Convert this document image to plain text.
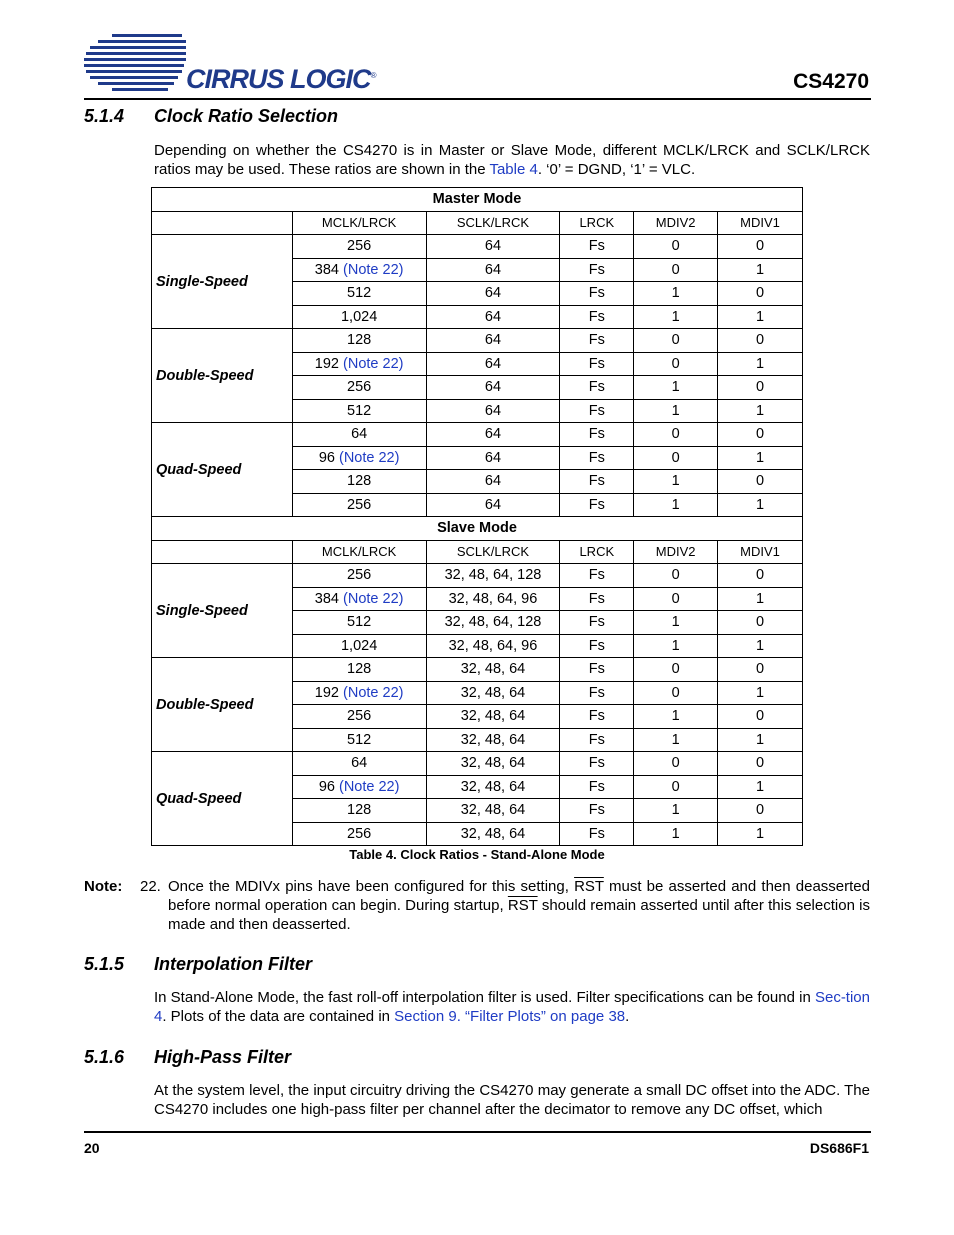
CIRRUS LOGIC®	CS4270
5.1.4 Clock Ratio Selection

Depending on whether the CS4270 is in Master or Slave Mode, different MCLK/LRCK and SCLK/LRCK ratios may be used. These ratios are shown in the Table 4. ‘0’ = DGND, ‘1’ = VLC.

Master Mode					
	MCLK/LRCK	SCLK/LRCK	LRCK	MDIV2	MDIV1
Single-Speed	256	64	Fs	0	0
	384 (Note 22)	64	Fs	0	1
	512	64	Fs	1	0
	1,024	64	Fs	1	1
Double-Speed	128	64	Fs	0	0
	192 (Note 22)	64	Fs	0	1
	256	64	Fs	1	0
	512	64	Fs	1	1
Quad-Speed	64	64	Fs	0	0
	96 (Note 22)	64	Fs	0	1
	128	64	Fs	1	0
	256	64	Fs	1	1
Slave Mode					
	MCLK/LRCK	SCLK/LRCK	LRCK	MDIV2	MDIV1
Single-Speed	256	32, 48, 64, 128	Fs	0	0
	384 (Note 22)	32, 48, 64, 96	Fs	0	1
	512	32, 48, 64, 128	Fs	1	0
	1,024	32, 48, 64, 96	Fs	1	1
Double-Speed	128	32, 48, 64	Fs	0	0
	192 (Note 22)	32, 48, 64	Fs	0	1
	256	32, 48, 64	Fs	1	0
	512	32, 48, 64	Fs	1	1
Quad-Speed	64	32, 48, 64	Fs	0	0
	96 (Note 22)	32, 48, 64	Fs	0	1
	128	32, 48, 64	Fs	1	0
	256	32, 48, 64	Fs	1	1
Table 4. Clock Ratios - Stand-Alone Mode
Note: 22. Once the MDIVx pins have been configured for this setting, $\overline{RST}$ must be asserted and then deasserted before normal operation can begin. During startup, $\overline{RST}$ should remain asserted until after this selection is made and then deasserted.
5.1.5 Interpolation Filter

In Stand-Alone Mode, the fast roll-off interpolation filter is used. Filter specifications can be found in Sec-tion 4. Plots of the data are contained in Section 9. “Filter Plots” on page 38.

5.1.6 High-Pass Filter

At the system level, the input circuitry driving the CS4270 may generate a small DC offset into the ADC. The CS4270 includes one high-pass filter per channel after the decimator to remove any DC offset, which

20	DS686F1
